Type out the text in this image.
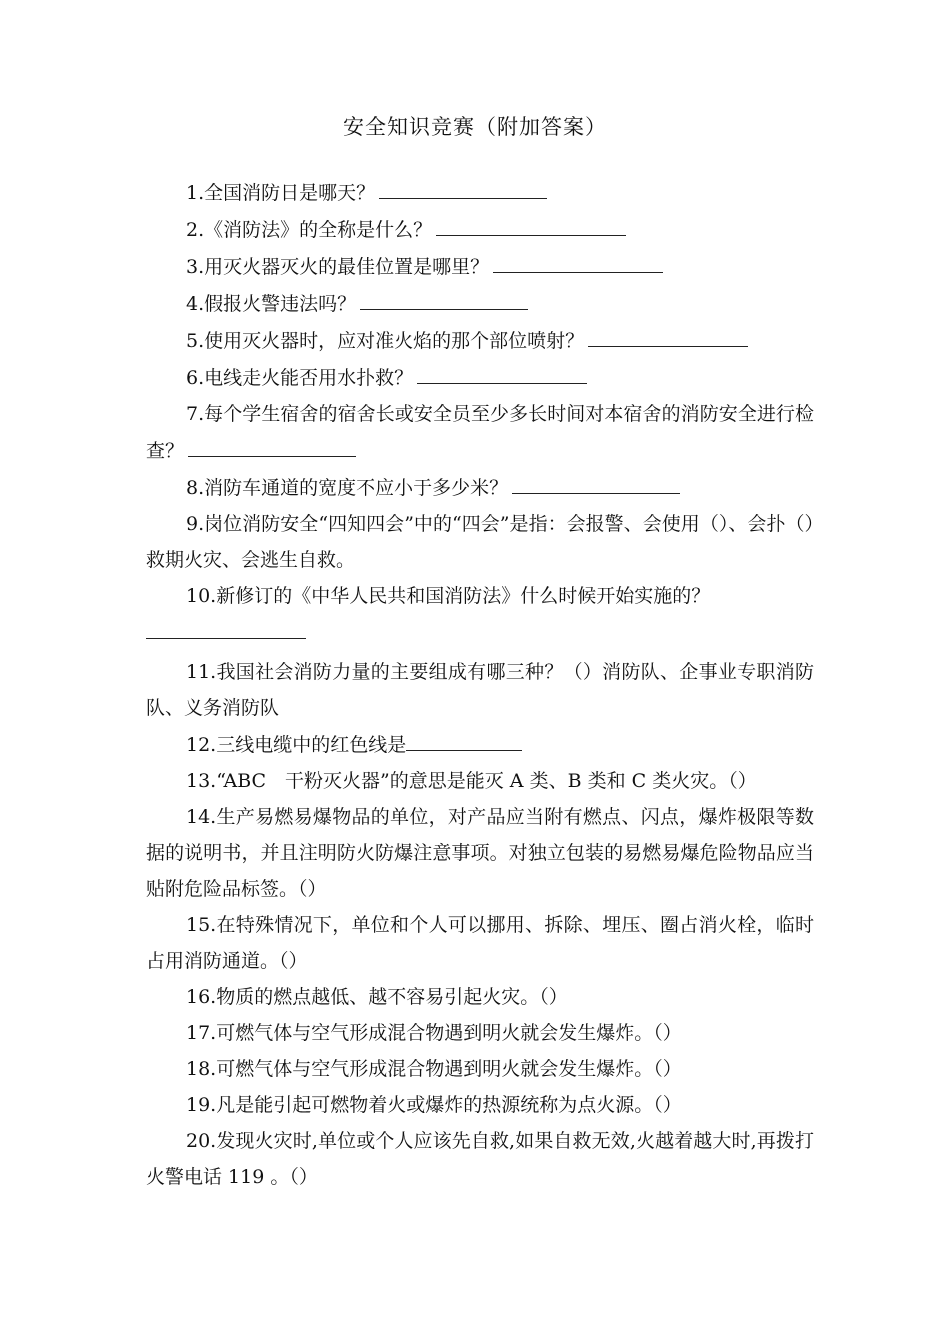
安全知识竞赛（附加答案）

1.全国消防日是哪天？

2.《消防法》的全称是什么？

3.用灭火器灭火的最佳位置是哪里？

4.假报火警违法吗？

5.使用灭火器时，应对准火焰的那个部位喷射？

6.电线走火能否用水扑救？

7.每个学生宿舍的宿舍长或安全员至少多长时间对本宿舍的消防安全进行检查？

8.消防车通道的宽度不应小于多少米？

9.岗位消防安全“四知四会”中的“四会”是指：会报警、会使用（）、会扑（）救期火灾、会逃生自救。

10.新修订的《中华人民共和国消防法》什么时候开始实施的？

11.我国社会消防力量的主要组成有哪三种？（）消防队、企事业专职消防队、义务消防队

12.三线电缆中的红色线是

13.“ABC　干粉灭火器”的意思是能灭 A 类、B 类和 C 类火灾。（）

14.生产易燃易爆物品的单位，对产品应当附有燃点、闪点，爆炸极限等数据的说明书，并且注明防火防爆注意事项。对独立包装的易燃易爆危险物品应当贴附危险品标签。（）

15.在特殊情况下，单位和个人可以挪用、拆除、埋压、圈占消火栓，临时占用消防通道。（）

16.物质的燃点越低、越不容易引起火灾。（）

17.可燃气体与空气形成混合物遇到明火就会发生爆炸。（）

18.可燃气体与空气形成混合物遇到明火就会发生爆炸。（）

19.凡是能引起可燃物着火或爆炸的热源统称为点火源。（）

20.发现火灾时,单位或个人应该先自救,如果自救无效,火越着越大时,再拨打火警电话 119 。（）
